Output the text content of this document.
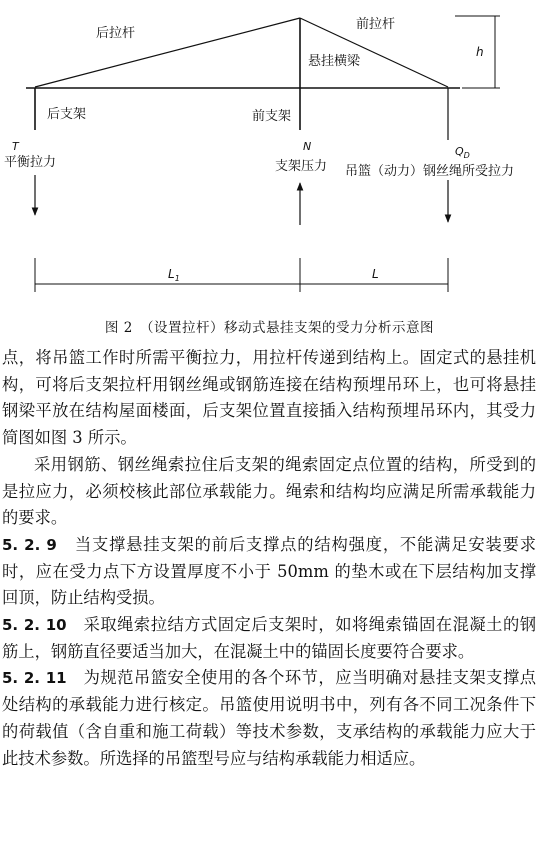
后拉杆
前拉杆
悬挂横梁
h
后支架	前支架
T
平衡拉力
N
支架压力
$Q_D$
吊篮（动力）钢丝绳所受拉力
$L_1$	L
图 2　（设置拉杆）移动式悬挂支架的受力分析示意图

点，将吊篮工作时所需平衡拉力，用拉杆传递到结构上。固定式的悬挂机构，可将后支架拉杆用钢丝绳或钢筋连接在结构预埋吊环上，也可将悬挂钢梁平放在结构屋面楼面，后支架位置直接插入结构预埋吊环内，其受力简图如图 3 所示。

采用钢筋、钢丝绳索拉住后支架的绳索固定点位置的结构，所受到的是拉应力，必须校核此部位承载能力。绳索和结构均应满足所需承载能力的要求。

5. 2. 9 当支撑悬挂支架的前后支撑点的结构强度，不能满足安装要求时，应在受力点下方设置厚度不小于 50mm 的垫木或在下层结构加支撑回顶，防止结构受损。

5. 2. 10 采取绳索拉结方式固定后支架时，如将绳索锚固在混凝土的钢筋上，钢筋直径要适当加大，在混凝土中的锚固长度要符合要求。

5. 2. 11 为规范吊篮安全使用的各个环节，应当明确对悬挂支架支撑点处结构的承载能力进行核定。吊篮使用说明书中，列有各不同工况条件下的荷载值（含自重和施工荷载）等技术参数，支承结构的承载能力应大于此技术参数。所选择的吊篮型号应与结构承载能力相适应。
